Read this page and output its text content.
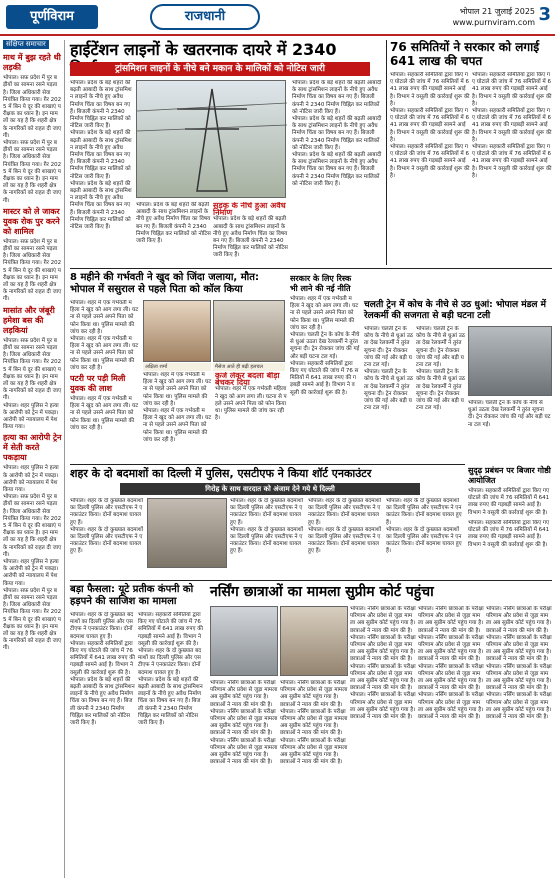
पूर्णविराम	राजधानी	भोपाल 21 जुलाई 2025
www.purnviram.com 3
संक्षिप्त समाचार
माथ में बुझ रहते थी लड़की
भोपाल। सफ़ प्रदेश में पुर बड़ीयों का सामना रसने पड़ता है। जिला अधिकारी सेवा नियंत्रित किया गया। ग़ैर 2025 में बिन ये दूर की शाखाएं परीक्षक का ध्यान है। इन मामलों का यह है कि शहरी क्षेत्र के नागरिकों को राहत दी जाएगी।
भोपाल। सफ़ प्रदेश में पुर बड़ीयों का सामना रसने पड़ता है। जिला अधिकारी सेवा नियंत्रित किया गया। ग़ैर 2025 में बिन ये दूर की शाखाएं परीक्षक का ध्यान है। इन मामलों का यह है कि शहरी क्षेत्र के नागरिकों को राहत दी जाएगी।
मास्टर को ले जाकर युवक रोक पुर करने को शामिल
भोपाल। सफ़ प्रदेश में पुर बड़ीयों का सामना रसने पड़ता है। जिला अधिकारी सेवा नियंत्रित किया गया। ग़ैर 2025 में बिन ये दूर की शाखाएं परीक्षक का ध्यान है। इन मामलों का यह है कि शहरी क्षेत्र के नागरिकों को राहत दी जाएगी।
मासांत और जंबूरी हमेशा बस की लड़कियां
भोपाल। सफ़ प्रदेश में पुर बड़ीयों का सामना रसने पड़ता है। जिला अधिकारी सेवा नियंत्रित किया गया। ग़ैर 2025 में बिन ये दूर की शाखाएं परीक्षक का ध्यान है। इन मामलों का यह है कि शहरी क्षेत्र के नागरिकों को राहत दी जाएगी।
भोपाल। शहर पुलिस ने हत्या के आरोपी को ट्रेन में पकड़ा। आरोपी को न्यायालय में पेश किया गया।
हत्या का आरोपी ट्रेन में सेती करते पकड़ाया
भोपाल। शहर पुलिस ने हत्या के आरोपी को ट्रेन में पकड़ा। आरोपी को न्यायालय में पेश किया गया।
भोपाल। सफ़ प्रदेश में पुर बड़ीयों का सामना रसने पड़ता है। जिला अधिकारी सेवा नियंत्रित किया गया। ग़ैर 2025 में बिन ये दूर की शाखाएं परीक्षक का ध्यान है। इन मामलों का यह है कि शहरी क्षेत्र के नागरिकों को राहत दी जाएगी।
भोपाल। शहर पुलिस ने हत्या के आरोपी को ट्रेन में पकड़ा। आरोपी को न्यायालय में पेश किया गया।
भोपाल। सफ़ प्रदेश में पुर बड़ीयों का सामना रसने पड़ता है। जिला अधिकारी सेवा नियंत्रित किया गया। ग़ैर 2025 में बिन ये दूर की शाखाएं परीक्षक का ध्यान है। इन मामलों का यह है कि शहरी क्षेत्र के नागरिकों को राहत दी जाएगी।
हाईटेंशन लाइनों के खतरनाक दायरे में 2340
ट्रांसमिशन लाइनों के नीचे बने मकान के मालिकों को नोटिस जारी
भोपाल। प्रदेश के बड़े शहरों की बढ़ती आबादी के साथ ट्रांसमिशन लाइनों के नीचे हुए अवैध निर्माण चिंता का विषय बन गए हैं। बिजली कंपनी ने 2340 निर्माण चिह्नित कर मालिकों को नोटिस जारी किए हैं।
भोपाल। प्रदेश के बड़े शहरों की बढ़ती आबादी के साथ ट्रांसमिशन लाइनों के नीचे हुए अवैध निर्माण चिंता का विषय बन गए हैं। बिजली कंपनी ने 2340 निर्माण चिह्नित कर मालिकों को नोटिस जारी किए हैं।
भोपाल। प्रदेश के बड़े शहरों की बढ़ती आबादी के साथ ट्रांसमिशन लाइनों के नीचे हुए अवैध निर्माण चिंता का विषय बन गए हैं। बिजली कंपनी ने 2340 निर्माण चिह्नित कर मालिकों को नोटिस जारी किए हैं।
भोपाल। प्रदेश के बड़े शहरों की बढ़ती आबादी के साथ ट्रांसमिशन लाइनों के नीचे हुए अवैध निर्माण चिंता का विषय बन गए हैं। बिजली कंपनी ने 2340 निर्माण चिह्नित कर मालिकों को नोटिस जारी किए हैं।
सड़क के नीचे हुआ अवैध निर्माण
भोपाल। प्रदेश के बड़े शहरों की बढ़ती आबादी के साथ ट्रांसमिशन लाइनों के नीचे हुए अवैध निर्माण चिंता का विषय बन गए हैं। बिजली कंपनी ने 2340 निर्माण चिह्नित कर मालिकों को नोटिस जारी किए हैं।
भोपाल। प्रदेश के बड़े शहरों की बढ़ती आबादी के साथ ट्रांसमिशन लाइनों के नीचे हुए अवैध निर्माण चिंता का विषय बन गए हैं। बिजली कंपनी ने 2340 निर्माण चिह्नित कर मालिकों को नोटिस जारी किए हैं।
भोपाल। प्रदेश के बड़े शहरों की बढ़ती आबादी के साथ ट्रांसमिशन लाइनों के नीचे हुए अवैध निर्माण चिंता का विषय बन गए हैं। बिजली कंपनी ने 2340 निर्माण चिह्नित कर मालिकों को नोटिस जारी किए हैं।
भोपाल। प्रदेश के बड़े शहरों की बढ़ती आबादी के साथ ट्रांसमिशन लाइनों के नीचे हुए अवैध निर्माण चिंता का विषय बन गए हैं। बिजली कंपनी ने 2340 निर्माण चिह्नित कर मालिकों को नोटिस जारी किए हैं।
76 समितियों ने सरकार को लगाई 641 लाख की चपत
भोपाल। सहकारी समितियों द्वारा किए गए घोटाले की जांच में 76 समितियों में 641 लाख रुपए की गड़बड़ी सामने आई है। विभाग ने वसूली की कार्रवाई शुरू की है।
भोपाल। सहकारी समितियों द्वारा किए गए घोटाले की जांच में 76 समितियों में 641 लाख रुपए की गड़बड़ी सामने आई है। विभाग ने वसूली की कार्रवाई शुरू की है।
भोपाल। सहकारी समितियों द्वारा किए गए घोटाले की जांच में 76 समितियों में 641 लाख रुपए की गड़बड़ी सामने आई है। विभाग ने वसूली की कार्रवाई शुरू की है।
भोपाल। सहकारी समितियों द्वारा किए गए घोटाले की जांच में 76 समितियों में 641 लाख रुपए की गड़बड़ी सामने आई है। विभाग ने वसूली की कार्रवाई शुरू की है।
भोपाल। सहकारी समितियों द्वारा किए गए घोटाले की जांच में 76 समितियों में 641 लाख रुपए की गड़बड़ी सामने आई है। विभाग ने वसूली की कार्रवाई शुरू की है।
भोपाल। सहकारी समितियों द्वारा किए गए घोटाले की जांच में 76 समितियों में 641 लाख रुपए की गड़बड़ी सामने आई है। विभाग ने वसूली की कार्रवाई शुरू की है।
8 महीने की गर्भवती ने खुद को जिंदा जलाया, मौत: भोपाल में ससुराल से पहले पिता को कॉल किया
भोपाल। शहर में एक गर्भवती महिला ने खुद को आग लगा ली। घटना से पहले उसने अपने पिता को फोन किया था। पुलिस मामले की जांच कर रही है।
भोपाल। शहर में एक गर्भवती महिला ने खुद को आग लगा ली। घटना से पहले उसने अपने पिता को फोन किया था। पुलिस मामले की जांच कर रही है।
पटरी पर पड़ी मिली युवक की लाश
भोपाल। शहर में एक गर्भवती महिला ने खुद को आग लगा ली। घटना से पहले उसने अपने पिता को फोन किया था। पुलिस मामले की जांच कर रही है।
अक्षिता शर्मा	मैसेज आते ही बढ़ी हलचल
भोपाल। शहर में एक गर्भवती महिला ने खुद को आग लगा ली। घटना से पहले उसने अपने पिता को फोन किया था। पुलिस मामले की जांच कर रही है।
भोपाल। शहर में एक गर्भवती महिला ने खुद को आग लगा ली। घटना से पहले उसने अपने पिता को फोन किया था। पुलिस मामले की जांच कर रही है।
कर्ज लेकर बदला बीड़ा बेचकर दिया
भोपाल। शहर में एक गर्भवती महिला ने खुद को आग लगा ली। घटना से पहले उसने अपने पिता को फोन किया था। पुलिस मामले की जांच कर रही है।
सरकार के लिए रिस्क भी लाने की नई नीति
भोपाल। शहर में एक गर्भवती महिला ने खुद को आग लगा ली। घटना से पहले उसने अपने पिता को फोन किया था। पुलिस मामले की जांच कर रही है।
भोपाल। चलती ट्रेन के कोच के नीचे से धुआं उठता देख रेलकर्मी ने तुरंत सूचना दी। ट्रेन रोककर जांच की गई और बड़ी घटना टल गई।
भोपाल। सहकारी समितियों द्वारा किए गए घोटाले की जांच में 76 समितियों में 641 लाख रुपए की गड़बड़ी सामने आई है। विभाग ने वसूली की कार्रवाई शुरू की है।
चलती ट्रेन में कोच के नीचे से उठ धुआं: भोपाल मंडल में रेलकर्मी की सजगता से बड़ी घटना टली
भोपाल। चलती ट्रेन के कोच के नीचे से धुआं उठता देख रेलकर्मी ने तुरंत सूचना दी। ट्रेन रोककर जांच की गई और बड़ी घटना टल गई।
भोपाल। चलती ट्रेन के कोच के नीचे से धुआं उठता देख रेलकर्मी ने तुरंत सूचना दी। ट्रेन रोककर जांच की गई और बड़ी घटना टल गई।
भोपाल। चलती ट्रेन के कोच के नीचे से धुआं उठता देख रेलकर्मी ने तुरंत सूचना दी। ट्रेन रोककर जांच की गई और बड़ी घटना टल गई।
भोपाल। चलती ट्रेन के कोच के नीचे से धुआं उठता देख रेलकर्मी ने तुरंत सूचना दी। ट्रेन रोककर जांच की गई और बड़ी घटना टल गई।
भोपाल। चलती ट्रेन के कोच के नीचे से धुआं उठता देख रेलकर्मी ने तुरंत सूचना दी। ट्रेन रोककर जांच की गई और बड़ी घटना टल गई।
सुदृढ़ प्रबंधन पर बिजार गोष्ठी आयोजित
भोपाल। सहकारी समितियों द्वारा किए गए घोटाले की जांच में 76 समितियों में 641 लाख रुपए की गड़बड़ी सामने आई है। विभाग ने वसूली की कार्रवाई शुरू की है।
शहर के दो बदमाशों का दिल्ली में पुलिस, एसटीएफ ने किया शॉर्ट एनकाउंटर
गिरोह के साथ वारदात को अंजाम देने गये थे दिल्ली
भोपाल। शहर के दो कुख्यात बदमाशों का दिल्ली पुलिस और एसटीएफ ने एनकाउंटर किया। दोनों बदमाश घायल हुए हैं।
भोपाल। शहर के दो कुख्यात बदमाशों का दिल्ली पुलिस और एसटीएफ ने एनकाउंटर किया। दोनों बदमाश घायल हुए हैं।
भोपाल। शहर के दो कुख्यात बदमाशों का दिल्ली पुलिस और एसटीएफ ने एनकाउंटर किया। दोनों बदमाश घायल हुए हैं।
भोपाल। शहर के दो कुख्यात बदमाशों का दिल्ली पुलिस और एसटीएफ ने एनकाउंटर किया। दोनों बदमाश घायल हुए हैं।
भोपाल। शहर के दो कुख्यात बदमाशों का दिल्ली पुलिस और एसटीएफ ने एनकाउंटर किया। दोनों बदमाश घायल हुए हैं।
भोपाल। शहर के दो कुख्यात बदमाशों का दिल्ली पुलिस और एसटीएफ ने एनकाउंटर किया। दोनों बदमाश घायल हुए हैं।
भोपाल। शहर के दो कुख्यात बदमाशों का दिल्ली पुलिस और एसटीएफ ने एनकाउंटर किया। दोनों बदमाश घायल हुए हैं।
भोपाल। शहर के दो कुख्यात बदमाशों का दिल्ली पुलिस और एसटीएफ ने एनकाउंटर किया। दोनों बदमाश घायल हुए हैं।
भोपाल। सहकारी समितियों द्वारा किए गए घोटाले की जांच में 76 समितियों में 641 लाख रुपए की गड़बड़ी सामने आई है। विभाग ने वसूली की कार्रवाई शुरू की है।
बड़ा फैसला: यूटे प्रतीक कंपनी को हड़पने की साजिश का मामला
भोपाल। शहर के दो कुख्यात बदमाशों का दिल्ली पुलिस और एसटीएफ ने एनकाउंटर किया। दोनों बदमाश घायल हुए हैं।
भोपाल। सहकारी समितियों द्वारा किए गए घोटाले की जांच में 76 समितियों में 641 लाख रुपए की गड़बड़ी सामने आई है। विभाग ने वसूली की कार्रवाई शुरू की है।
भोपाल। प्रदेश के बड़े शहरों की बढ़ती आबादी के साथ ट्रांसमिशन लाइनों के नीचे हुए अवैध निर्माण चिंता का विषय बन गए हैं। बिजली कंपनी ने 2340 निर्माण चिह्नित कर मालिकों को नोटिस जारी किए हैं।
भोपाल। सहकारी समितियों द्वारा किए गए घोटाले की जांच में 76 समितियों में 641 लाख रुपए की गड़बड़ी सामने आई है। विभाग ने वसूली की कार्रवाई शुरू की है।
भोपाल। शहर के दो कुख्यात बदमाशों का दिल्ली पुलिस और एसटीएफ ने एनकाउंटर किया। दोनों बदमाश घायल हुए हैं।
भोपाल। प्रदेश के बड़े शहरों की बढ़ती आबादी के साथ ट्रांसमिशन लाइनों के नीचे हुए अवैध निर्माण चिंता का विषय बन गए हैं। बिजली कंपनी ने 2340 निर्माण चिह्नित कर मालिकों को नोटिस जारी किए हैं।
नर्सिंग छात्राओं का मामला सुप्रीम कोर्ट पहुंचा
भोपाल। नर्सिंग छात्राओं के परीक्षा परिणाम और प्रवेश से जुड़ा मामला अब सुप्रीम कोर्ट पहुंच गया है। छात्राओं ने न्याय की मांग की है।
भोपाल। नर्सिंग छात्राओं के परीक्षा परिणाम और प्रवेश से जुड़ा मामला अब सुप्रीम कोर्ट पहुंच गया है। छात्राओं ने न्याय की मांग की है।
भोपाल। नर्सिंग छात्राओं के परीक्षा परिणाम और प्रवेश से जुड़ा मामला अब सुप्रीम कोर्ट पहुंच गया है। छात्राओं ने न्याय की मांग की है।
भोपाल। नर्सिंग छात्राओं के परीक्षा परिणाम और प्रवेश से जुड़ा मामला अब सुप्रीम कोर्ट पहुंच गया है। छात्राओं ने न्याय की मांग की है।
भोपाल। नर्सिंग छात्राओं के परीक्षा परिणाम और प्रवेश से जुड़ा मामला अब सुप्रीम कोर्ट पहुंच गया है। छात्राओं ने न्याय की मांग की है।
भोपाल। नर्सिंग छात्राओं के परीक्षा परिणाम और प्रवेश से जुड़ा मामला अब सुप्रीम कोर्ट पहुंच गया है। छात्राओं ने न्याय की मांग की है।
भोपाल। नर्सिंग छात्राओं के परीक्षा परिणाम और प्रवेश से जुड़ा मामला अब सुप्रीम कोर्ट पहुंच गया है। छात्राओं ने न्याय की मांग की है।
भोपाल। नर्सिंग छात्राओं के परीक्षा परिणाम और प्रवेश से जुड़ा मामला अब सुप्रीम कोर्ट पहुंच गया है। छात्राओं ने न्याय की मांग की है।
भोपाल। नर्सिंग छात्राओं के परीक्षा परिणाम और प्रवेश से जुड़ा मामला अब सुप्रीम कोर्ट पहुंच गया है। छात्राओं ने न्याय की मांग की है।
भोपाल। नर्सिंग छात्राओं के परीक्षा परिणाम और प्रवेश से जुड़ा मामला अब सुप्रीम कोर्ट पहुंच गया है। छात्राओं ने न्याय की मांग की है।
भोपाल। नर्सिंग छात्राओं के परीक्षा परिणाम और प्रवेश से जुड़ा मामला अब सुप्रीम कोर्ट पहुंच गया है। छात्राओं ने न्याय की मांग की है।
भोपाल। नर्सिंग छात्राओं के परीक्षा परिणाम और प्रवेश से जुड़ा मामला अब सुप्रीम कोर्ट पहुंच गया है। छात्राओं ने न्याय की मांग की है।
भोपाल। नर्सिंग छात्राओं के परीक्षा परिणाम और प्रवेश से जुड़ा मामला अब सुप्रीम कोर्ट पहुंच गया है। छात्राओं ने न्याय की मांग की है।
भोपाल। नर्सिंग छात्राओं के परीक्षा परिणाम और प्रवेश से जुड़ा मामला अब सुप्रीम कोर्ट पहुंच गया है। छात्राओं ने न्याय की मांग की है।
भोपाल। नर्सिंग छात्राओं के परीक्षा परिणाम और प्रवेश से जुड़ा मामला अब सुप्रीम कोर्ट पहुंच गया है। छात्राओं ने न्याय की मांग की है।
भोपाल। नर्सिंग छात्राओं के परीक्षा परिणाम और प्रवेश से जुड़ा मामला अब सुप्रीम कोर्ट पहुंच गया है। छात्राओं ने न्याय की मांग की है।
भोपाल। नर्सिंग छात्राओं के परीक्षा परिणाम और प्रवेश से जुड़ा मामला अब सुप्रीम कोर्ट पहुंच गया है। छात्राओं ने न्याय की मांग की है।
भोपाल। नर्सिंग छात्राओं के परीक्षा परिणाम और प्रवेश से जुड़ा मामला अब सुप्रीम कोर्ट पहुंच गया है। छात्राओं ने न्याय की मांग की है।
